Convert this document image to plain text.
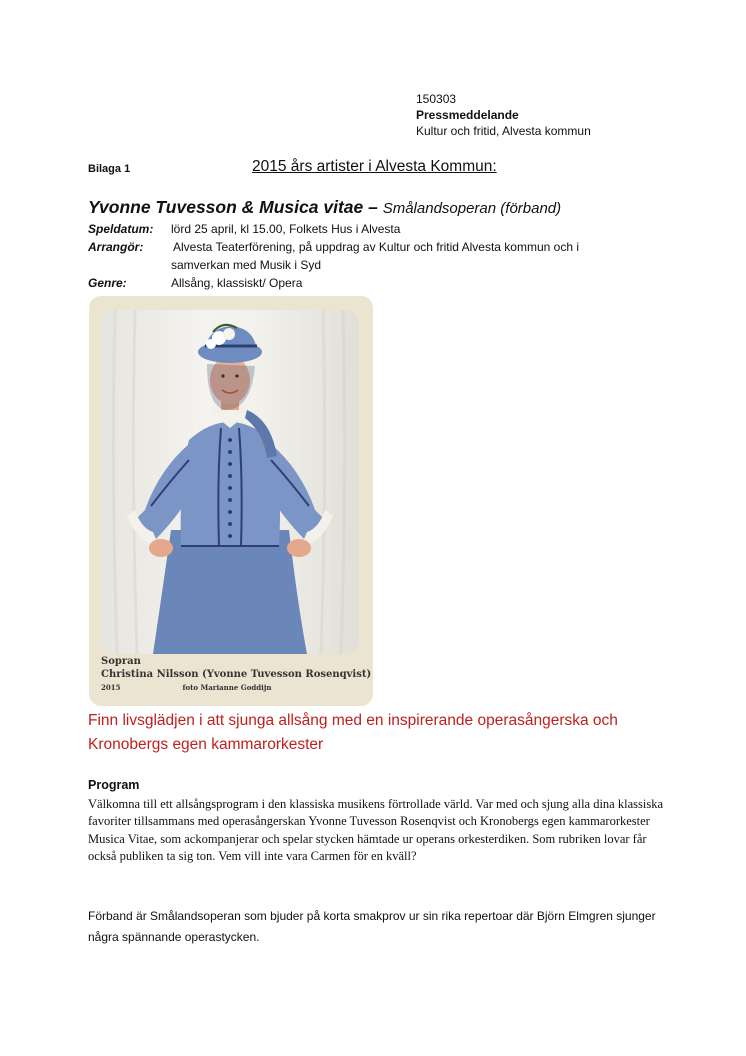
150303
Pressmeddelande
Kultur och fritid, Alvesta kommun
Bilaga 1	2015 års artister i Alvesta Kommun:
Yvonne Tuvesson & Musica vitae – Smålandsoperan (förband)
Speldatum:	lörd 25 april, kl 15.00, Folkets Hus i Alvesta
Arrangör:	Alvesta Teaterförening, på uppdrag av Kultur och fritid Alvesta kommun och i
samverkan med Musik i Syd
Genre:	Allsång, klassiskt/ Opera
Sopran
Christina Nilsson (Yvonne Tuvesson Rosenqvist)
2015	foto Marianne Goddijn
Finn livsglädjen i att sjunga allsång med en inspirerande operasångerska och Kronobergs egen kammarorkester
Program
Välkomna till ett allsångsprogram i den klassiska musikens förtrollade värld. Var med och sjung alla dina klassiska favoriter tillsammans med operasångerskan Yvonne Tuvesson Rosenqvist och Kronobergs egen kammarorkester Musica Vitae, som ackompanjerar och spelar stycken hämtade ur operans orkesterdiken. Som rubriken lovar får också publiken ta sig ton. Vem vill inte vara Carmen för en kväll?
Förband är Smålandsoperan som bjuder på korta smakprov ur sin rika repertoar där Björn Elmgren sjunger några spännande operastycken.
